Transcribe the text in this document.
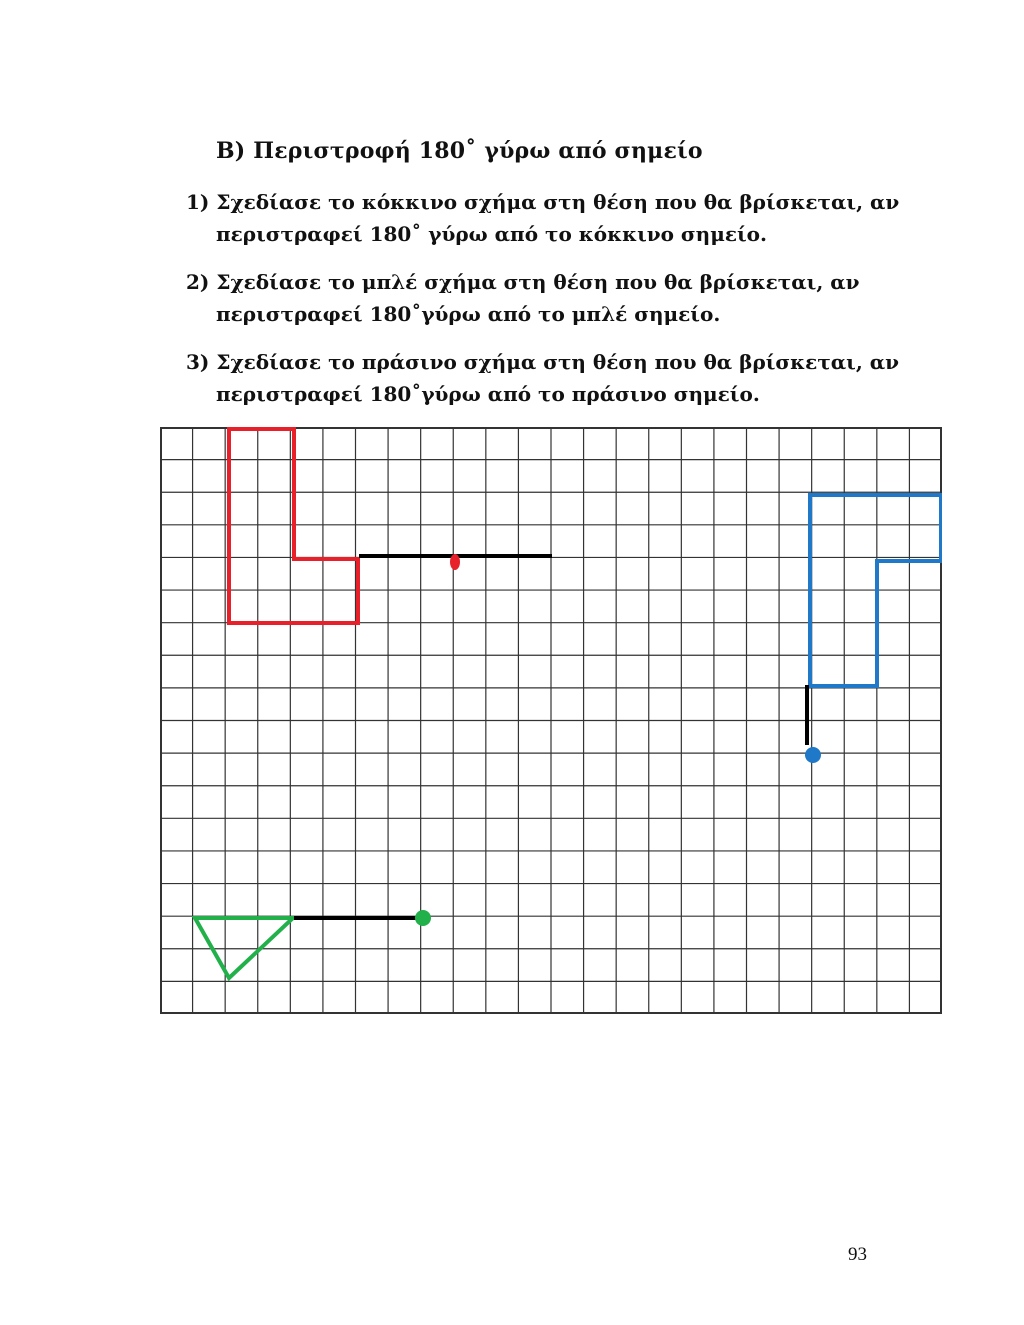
Β) Περιστροφή 180˚ γύρω από σημείο
1) Σχεδίασε το κόκκινο σχήμα στη θέση που θα βρίσκεται, αν
περιστραφεί 180˚ γύρω από το κόκκινο σημείο.
2) Σχεδίασε το μπλέ σχήμα στη θέση που θα βρίσκεται, αν
περιστραφεί 180˚γύρω από το μπλέ σημείο.
3) Σχεδίασε το πράσινο σχήμα στη θέση που θα βρίσκεται, αν
περιστραφεί 180˚γύρω από το πράσινο σημείο.
93
